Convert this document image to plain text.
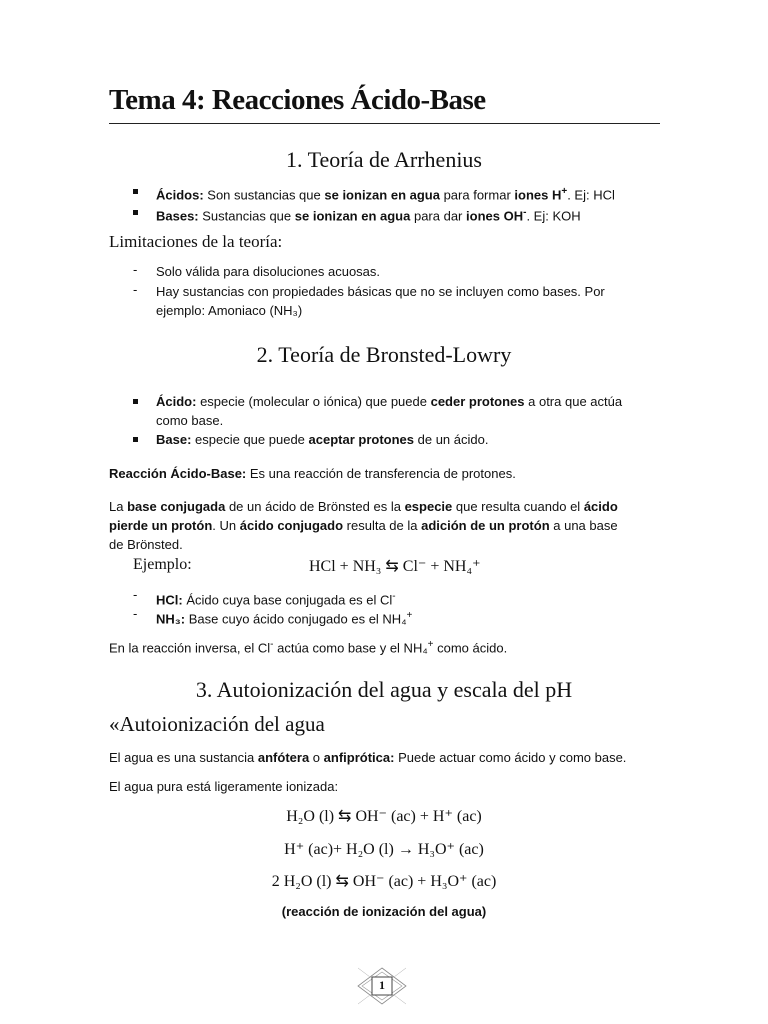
Tema 4: Reacciones Ácido-Base
1. Teoría de Arrhenius
Ácidos: Son sustancias que se ionizan en agua para formar iones H+. Ej: HCl
Bases: Sustancias que se ionizan en agua para dar iones OH-. Ej: KOH
Limitaciones de la teoría:
- Solo válida para disoluciones acuosas.
- Hay sustancias con propiedades básicas que no se incluyen como bases. Por
ejemplo: Amoniaco (NH₃)
2. Teoría de Bronsted-Lowry
Ácido: especie (molecular o iónica) que puede ceder protones a otra que actúa
como base.
Base: especie que puede aceptar protones de un ácido.
Reacción Ácido-Base: Es una reacción de transferencia de protones.
La base conjugada de un ácido de Brönsted es la especie que resulta cuando el ácido
pierde un protón. Un ácido conjugado resulta de la adición de un protón a una base
de Brönsted.
Ejemplo:	HCl + NH₃ ⇆ Cl⁻ + NH₄⁺
- HCl: Ácido cuya base conjugada es el Cl-
- NH₃: Base cuyo ácido conjugado es el NH₄+
En la reacción inversa, el Cl- actúa como base y el NH₄+ como ácido.
3. Autoionización del agua y escala del pH
«Autoionización del agua
El agua es una sustancia anfótera o anfiprótica: Puede actuar como ácido y como base.
El agua pura está ligeramente ionizada:
H₂O (l) ⇆ OH⁻ (ac) + H⁺ (ac)
H⁺ (ac)+ H₂O (l) → H₃O⁺ (ac)
2 H₂O (l) ⇆ OH⁻ (ac) + H₃O⁺ (ac)
(reacción de ionización del agua)
1
